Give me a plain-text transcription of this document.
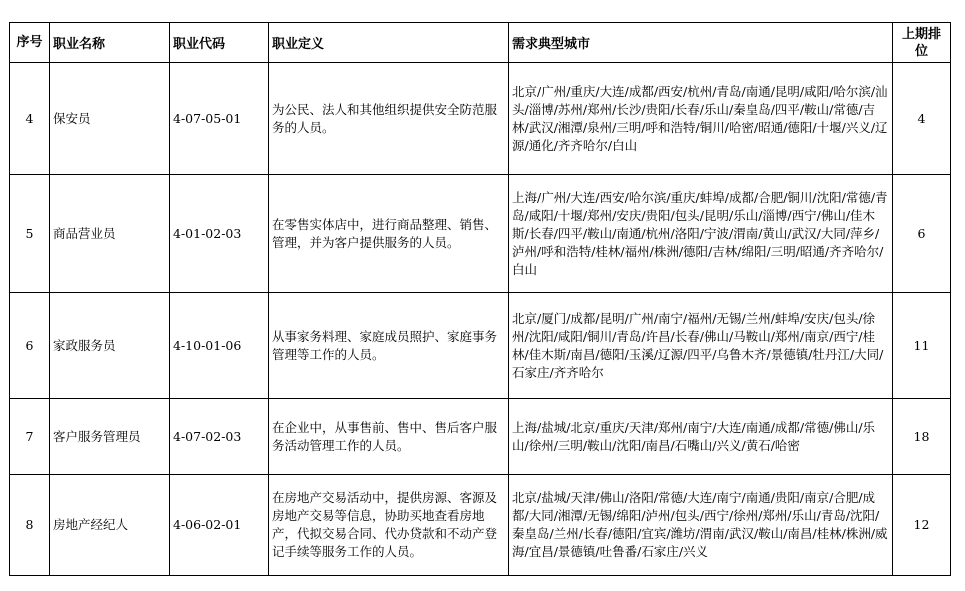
序号	职业名称	职业代码	职业定义	需求典型城市	上期排
位
4	保安员	4-07-05-01	为公民、法人和其他组织提供安全防范服务的人员。	北京/广州/重庆/大连/成都/西安/杭州/青岛/南通/昆明/咸阳/哈尔滨/汕头/淄博/苏州/郑州/长沙/贵阳/长春/乐山/秦皇岛/四平/鞍山/常德/吉林/武汉/湘潭/泉州/三明/呼和浩特/铜川/哈密/昭通/德阳/十堰/兴义/辽源/通化/齐齐哈尔/白山	4
5	商品营业员	4-01-02-03	在零售实体店中，进行商品整理、销售、管理，并为客户提供服务的人员。	上海/广州/大连/西安/哈尔滨/重庆/蚌埠/成都/合肥/铜川/沈阳/常德/青岛/咸阳/十堰/郑州/安庆/贵阳/包头/昆明/乐山/淄博/西宁/佛山/佳木斯/长春/四平/鞍山/南通/杭州/洛阳/宁波/渭南/黄山/武汉/大同/萍乡/泸州/呼和浩特/桂林/福州/株洲/德阳/吉林/绵阳/三明/昭通/齐齐哈尔/白山	6
6	家政服务员	4-10-01-06	从事家务料理、家庭成员照护、家庭事务管理等工作的人员。	北京/厦门/成都/昆明/广州/南宁/福州/无锡/兰州/蚌埠/安庆/包头/徐州/沈阳/咸阳/铜川/青岛/许昌/长春/佛山/马鞍山/郑州/南京/西宁/桂林/佳木斯/南昌/德阳/玉溪/辽源/四平/乌鲁木齐/景德镇/牡丹江/大同/石家庄/齐齐哈尔	11
7	客户服务管理员	4-07-02-03	在企业中，从事售前、售中、售后客户服务活动管理工作的人员。	上海/盐城/北京/重庆/天津/郑州/南宁/大连/南通/成都/常德/佛山/乐山/徐州/三明/鞍山/沈阳/南昌/石嘴山/兴义/黄石/哈密	18
8	房地产经纪人	4-06-02-01	在房地产交易活动中，提供房源、客源及房地产交易等信息，协助买地查看房地产，代拟交易合同、代办贷款和不动产登记手续等服务工作的人员。	北京/盐城/天津/佛山/洛阳/常德/大连/南宁/南通/贵阳/南京/合肥/成都/大同/湘潭/无锡/绵阳/泸州/包头/西宁/徐州/郑州/乐山/青岛/沈阳/秦皇岛/兰州/长春/德阳/宜宾/潍坊/渭南/武汉/鞍山/南昌/桂林/株洲/威海/宜昌/景德镇/吐鲁番/石家庄/兴义	12
